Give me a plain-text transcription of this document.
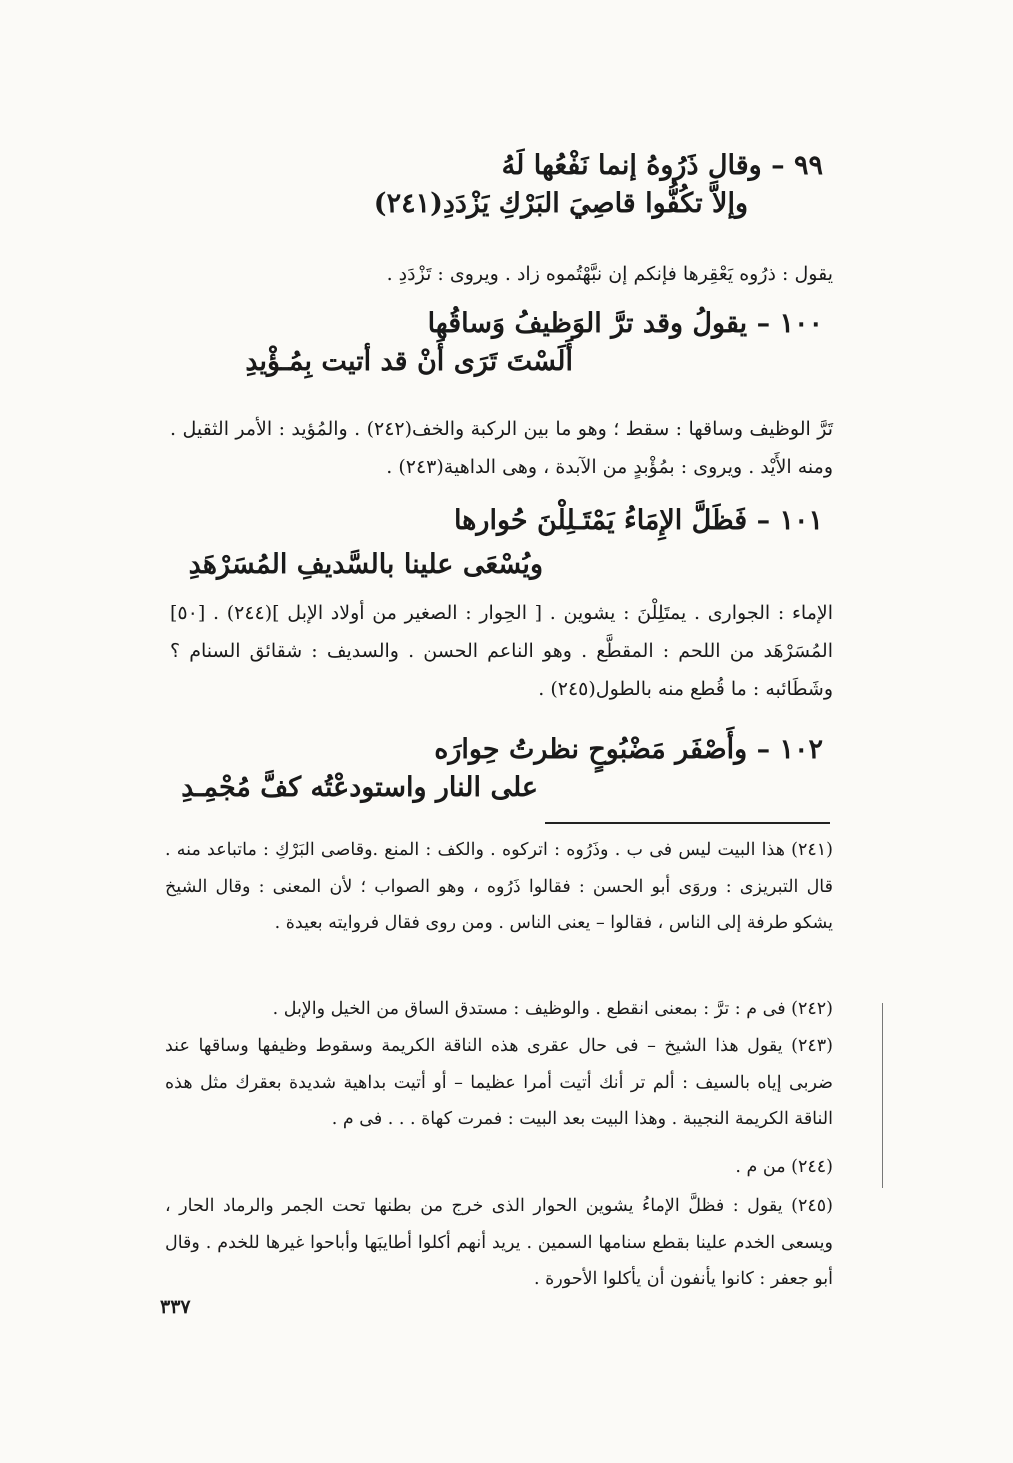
٩٩ – وقال ذَرُوهُ إنما نَفْعُها لَهُ
وإلاَّ تكُفُّوا قاصِيَ البَرْكِ يَزْدَدِ(٢٤١)
يقول : ذرُوه يَعْقِرها فإنكم إن نبَّهْتُموه زاد . ويروى : تَزْدَدِ .
١٠٠ – يقولُ وقد ترَّ الوَظيفُ وَساقُها
أَلَسْتَ تَرَى أَنْ قد أتيت بِمُـؤْيدِ
تَرَّ الوظيف وساقها : سقط ؛ وهو ما بين الركبة والخف(٢٤٢) . والمُؤيد : الأمر الثقيل . ومنه الأَيْد . ويروى : بمُؤْبدٍ من الآبدة ، وهى الداهية(٢٤٣) .
١٠١ – فَظَلَّ الإِمَاءُ يَمْتَـلِلْنَ حُوارها
ويُسْعَى علينا بالسَّديفِ المُسَرْهَدِ
الإماء : الجوارى . يمتَلِلْنَ : يشوين . [ الحِوار : الصغير من أولاد الإبل ](٢٤٤) . [٥٠] المُسَرْهَد من اللحم : المقطَّع . وهو الناعم الحسن . والسديف : شقائق السنام ؟ وشَطَائبه : ما قُطع منه بالطول(٢٤٥) .
١٠٢ – وأَصْفَر مَضْبُوحٍ نظرتُ حِوارَه
على النار واستودعْتُه كفَّ مُجْمِـدِ
(٢٤١) هذا البيت ليس فى ب . وذَرُوه : اتركوه . والكف : المنع .وقاصى البَرْكِ : ماتباعد منه . قال التبريزى : وروَى أبو الحسن : فقالوا ذَرُوه ، وهو الصواب ؛ لأن المعنى : وقال الشيخ يشكو طرفة إلى الناس ، فقالوا – يعنى الناس . ومن روى فقال فروايته بعيدة .
(٢٤٢) فى م : ترَّ : بمعنى انقطع . والوظيف : مستدق الساق من الخيل والإبل .
(٢٤٣) يقول هذا الشيخ – فى حال عقرى هذه الناقة الكريمة وسقوط وظيفها وساقها عند ضربى إياه بالسيف : ألم تر أنك أتيت أمرا عظيما – أو أتيت بداهية شديدة بعقرك مثل هذه الناقة الكريمة النجيبة . وهذا البيت بعد البيت : فمرت كهاة . . . فى م .
(٢٤٤) من م .
(٢٤٥) يقول : فظلَّ الإماءُ يشوين الحوار الذى خرج من بطنها تحت الجمر والرماد الحار ، ويسعى الخدم علينا بقطع سنامها السمين . يريد أنهم أكلوا أطايبَها وأباحوا غيرها للخدم . وقال أبو جعفر : كانوا يأنفون أن يأكلوا الأحورة .
٣٣٧
